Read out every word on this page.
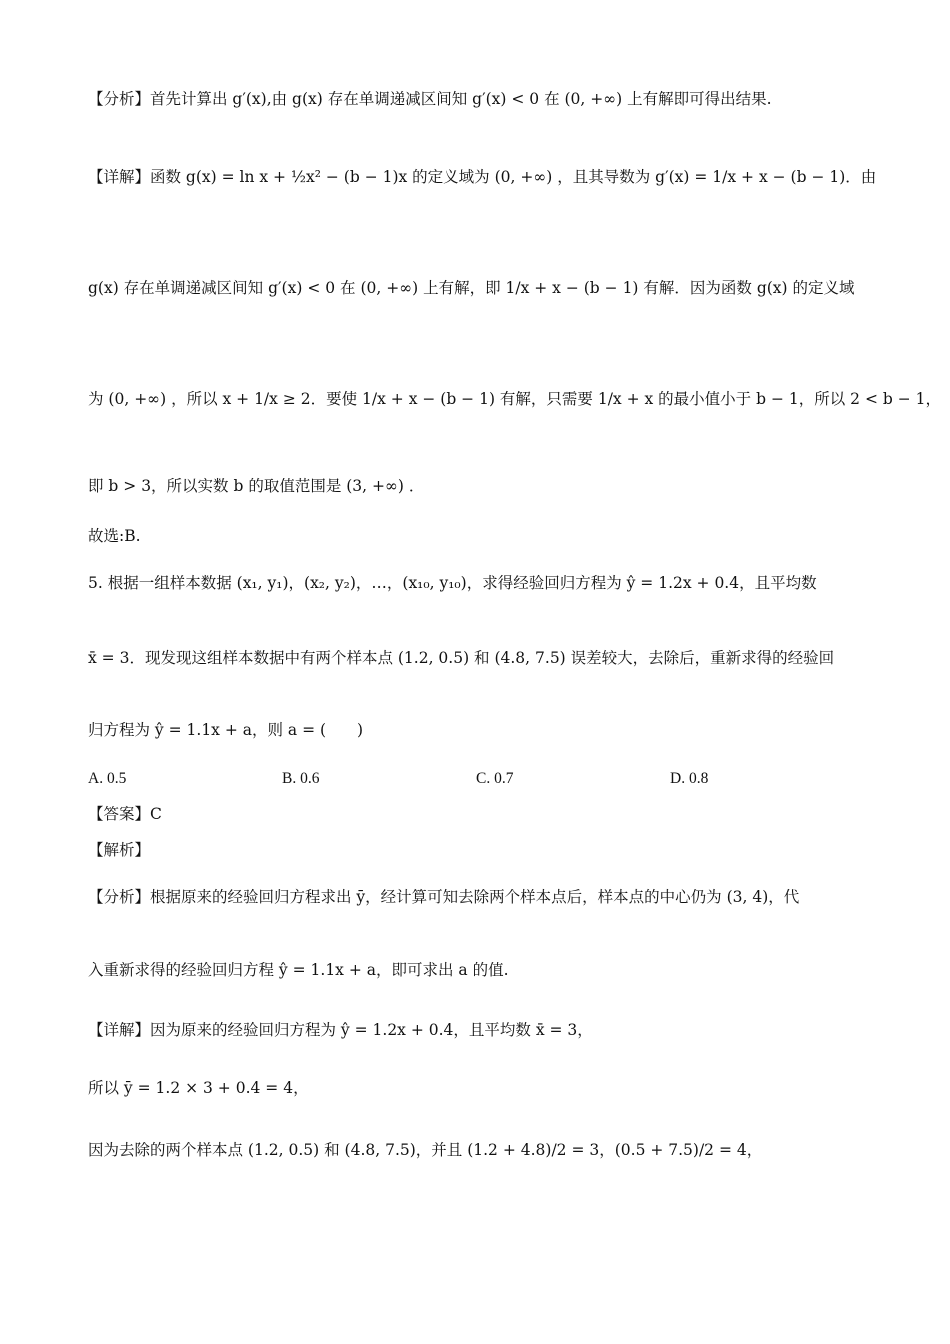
【分析】首先计算出 g′(x),由 g(x) 存在单调递减区间知 g′(x) < 0 在 (0, +∞) 上有解即可得出结果.
【详解】函数 g(x) = ln x + ½x² − (b − 1)x 的定义域为 (0, +∞) ，且其导数为 g′(x) = 1/x + x − (b − 1)．由
g(x) 存在单调递减区间知 g′(x) < 0 在 (0, +∞) 上有解，即 1/x + x − (b − 1) 有解．因为函数 g(x) 的定义域
为 (0, +∞) ，所以 x + 1/x ≥ 2．要使 1/x + x − (b − 1) 有解，只需要 1/x + x 的最小值小于 b − 1，所以 2 < b − 1，
即 b > 3，所以实数 b 的取值范围是 (3, +∞) ．
故选:B.
5. 根据一组样本数据 (x₁, y₁)，(x₂, y₂)，…，(x₁₀, y₁₀)，求得经验回归方程为 ŷ = 1.2x + 0.4，且平均数
x̄ = 3．现发现这组样本数据中有两个样本点 (1.2, 0.5) 和 (4.8, 7.5) 误差较大，去除后，重新求得的经验回
归方程为 ŷ = 1.1x + a，则 a = (　　)
A. 0.5	B. 0.6	C. 0.7	D. 0.8
【答案】C
【解析】
【分析】根据原来的经验回归方程求出 ȳ，经计算可知去除两个样本点后，样本点的中心仍为 (3, 4)，代
入重新求得的经验回归方程 ŷ = 1.1x + a，即可求出 a 的值.
【详解】因为原来的经验回归方程为 ŷ = 1.2x + 0.4，且平均数 x̄ = 3，
所以 ȳ = 1.2 × 3 + 0.4 = 4，
因为去除的两个样本点 (1.2, 0.5) 和 (4.8, 7.5)，并且 (1.2 + 4.8)/2 = 3，(0.5 + 7.5)/2 = 4，
